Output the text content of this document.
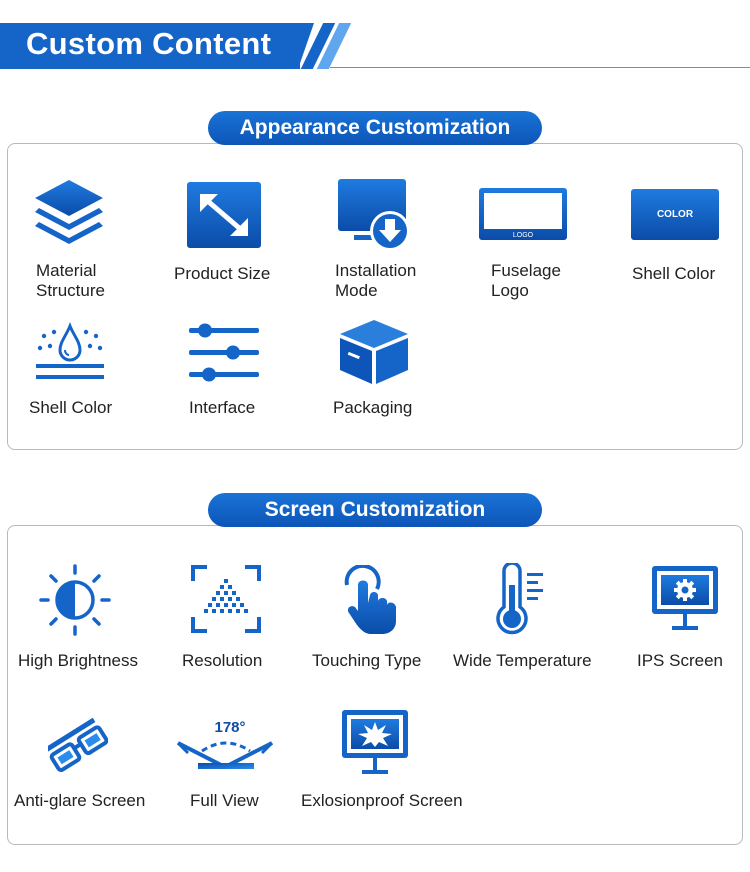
Custom Content
Appearance Customization
Material
Structure
Product Size	Installation
Mode
LOGO
Fuselage
Logo
COLOR
Shell Color
Shell Color	Interface	Packaging
Screen Customization
High Brightness	Resolution	Touching Type Wide Temperature	IPS Screen
Anti-glare Screen
178°
Full View Exlosionproof Screen
